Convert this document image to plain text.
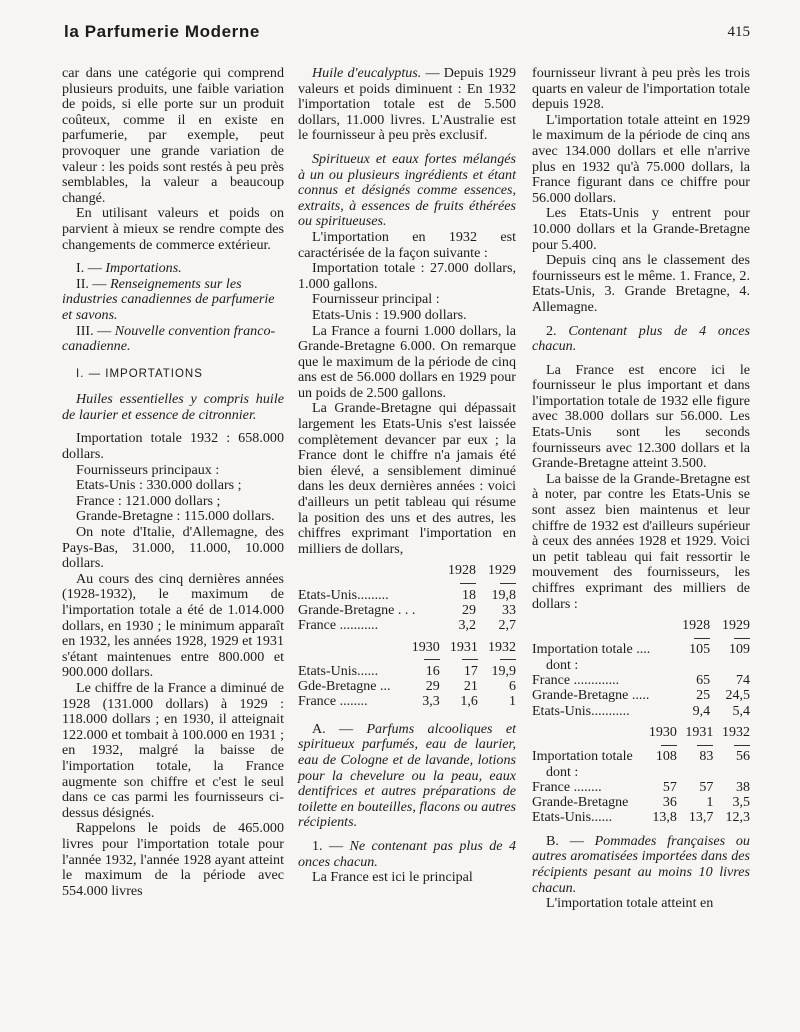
la Parfumerie Moderne	415

car dans une catégorie qui comprend plusieurs produits, une faible variation de poids, si elle porte sur un produit coûteux, comme il en existe en parfumerie, par exemple, peut provoquer une grande variation de valeur : les poids sont restés à peu près semblables, la valeur a beaucoup changé.

En utilisant valeurs et poids on parvient à mieux se rendre compte des changements de commerce extérieur.

I. — Importations.

II. — Renseignements sur les industries canadiennes de parfumerie et savons.

III. — Nouvelle convention franco-canadienne.

I. — IMPORTATIONS

Huiles essentielles y compris huile de laurier et essence de citronnier.

Importation totale 1932 : 658.000 dollars.

Fournisseurs principaux :

Etats-Unis : 330.000 dollars ;

France : 121.000 dollars ;

Grande-Bretagne : 115.000 dollars.

On note d'Italie, d'Allemagne, des Pays-Bas, 31.000, 11.000, 10.000 dollars.

Au cours des cinq dernières années (1928-1932), le maximum de l'importation totale a été de 1.014.000 dollars, en 1930 ; le minimum apparaît en 1932, les années 1928, 1929 et 1931 s'étant maintenues entre 800.000 et 900.000 dollars.

Le chiffre de la France a diminué de 1928 (131.000 dollars) à 1929 : 118.000 dollars ; en 1930, il atteignait 122.000 et tombait à 100.000 en 1931 ; en 1932, malgré la baisse de l'importation totale, la France augmente son chiffre et c'est le seul dans ce cas parmi les fournisseurs ci-dessus désignés.

Rappelons le poids de 465.000 livres pour l'importation totale pour l'année 1932, l'année 1928 ayant atteint le maximum de la période avec 554.000 livres

Huile d'eucalyptus. — Depuis 1929 valeurs et poids diminuent : En 1932 l'importation totale est de 5.500 dollars, 11.000 livres. L'Australie est le fournisseur à peu près exclusif.

Spiritueux et eaux fortes mélangés à un ou plusieurs ingrédients et étant connus et désignés comme essences, extraits, à essences de fruits éthérées ou spiritueuses.

L'importation en 1932 est caractérisée de la façon suivante :

Importation totale : 27.000 dollars, 1.000 gallons.

Fournisseur principal :

Etats-Unis : 19.900 dollars.

La France a fourni 1.000 dollars, la Grande-Bretagne 6.000. On remarque que le maximum de la période de cinq ans est de 56.000 dollars en 1929 pour un poids de 2.500 gallons.

La Grande-Bretagne qui dépassait largement les Etats-Unis s'est laissée complètement devancer par eux ; la France dont le chiffre n'a jamais été bien élevé, a sensiblement diminué dans les deux dernières années : voici d'ailleurs un petit tableau qui résume la position des uns et des autres, les chiffres exprimant l'importation en milliers de dollars,

	1928	1929

Etats-Unis.........	18	19,8
Grande-Bretagne . . .	29	33
France ...........	3,2	2,7
	1930	1931	1932

Etats-Unis......	16	17	19,9
Gde-Bretagne ...	29	21	6
France ........	3,3	1,6	1

A. — Parfums alcooliques et spiritueux parfumés, eau de laurier, eau de Cologne et de lavande, lotions pour la chevelure ou la peau, eaux dentifrices et autres préparations de toilette en bouteilles, flacons ou autres récipients.

1. — Ne contenant pas plus de 4 onces chacun.

La France est ici le principal

fournisseur livrant à peu près les trois quarts en valeur de l'importation totale depuis 1928.

L'importation totale atteint en 1929 le maximum de la période de cinq ans avec 134.000 dollars et elle n'arrive plus en 1932 qu'à 75.000 dollars, la France figurant dans ce chiffre pour 56.000 dollars.

Les Etats-Unis y entrent pour 10.000 dollars et la Grande-Bretagne pour 5.400.

Depuis cinq ans le classement des fournisseurs est le même. 1. France, 2. Etats-Unis, 3. Grande Bretagne, 4. Allemagne.

2. Contenant plus de 4 onces chacun.

La France est encore ici le fournisseur le plus important et dans l'importation totale de 1932 elle figure avec 38.000 dollars sur 56.000. Les Etats-Unis sont les seconds fournisseurs avec 12.300 dollars et la Grande-Bretagne atteint 3.500.

La baisse de la Grande-Bretagne est à noter, par contre les Etats-Unis se sont assez bien maintenus et leur chiffre de 1932 est d'ailleurs supérieur à ceux des années 1928 et 1929. Voici un petit tableau qui fait ressortir le mouvement des fournisseurs, les chiffres exprimant des milliers de dollars :

	1928	1929

Importation totale ....	105	109
dont :		
France .............	65	74
Grande-Bretagne .....	25	24,5
Etats-Unis...........	9,4	5,4
	1930	1931	1932

Importation totale	108	83	56
dont :			
France ........	57	57	38
Grande-Bretagne	36	1	3,5
Etats-Unis......	13,8	13,7	12,3

B. — Pommades françaises ou autres aromatisées importées dans des récipients pesant au moins 10 livres chacun.

L'importation totale atteint en
